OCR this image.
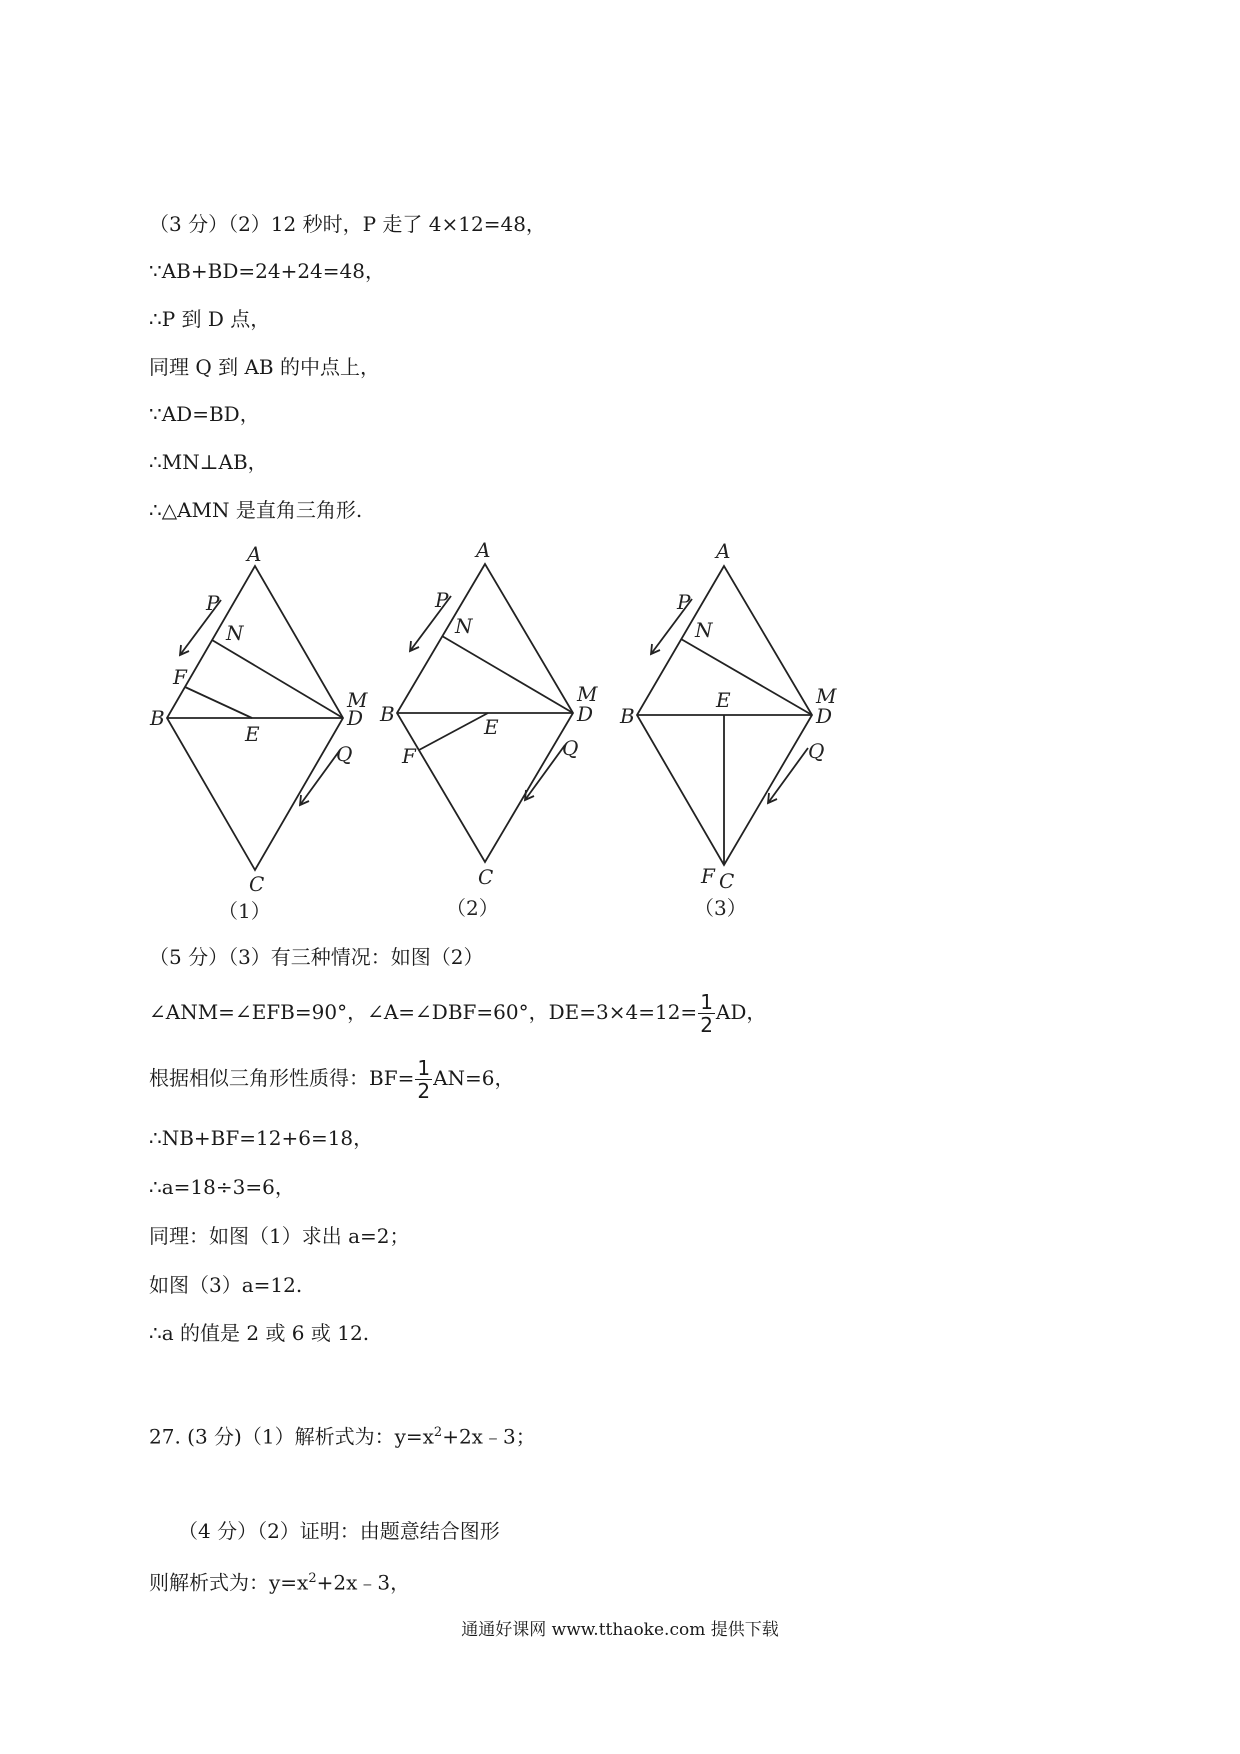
（3 分）（2）12 秒时，P 走了 4×12=48，
∵AB+BD=24+24=48，
∴P 到 D 点，
同理 Q 到 AB 的中点上，
∵AD=BD，
∴MN⊥AB，
∴△AMN 是直角三角形.
A
B
C
D
E
F
M
N
P
Q
（1）
A
B
C
D
E
F
M
N
P
Q
（2）
A
B
C
D
E
F
M
N
P
Q
（3）
（5 分）（3）有三种情况：如图（2）
∠ANM=∠EFB=90°，∠A=∠DBF=60°，$DE=3\times 4=12= \frac{1}{2}$ AD，
根据相似三角形性质得：$BF= \frac{1}{2} AN=6$，
∴NB+BF=12+6=18，
∴a=18÷3=6，
同理：如图（1）求出 a=2；
如图（3）a=12.
∴a 的值是 2 或 6 或 12.
27. (3 分)（1）解析式为：$y=x^2+2x﹣3$；
（4 分）（2）证明：由题意结合图形
则解析式为：$y=x^2+2x﹣3$，
通通好课网 www.tthaoke.com 提供下载
